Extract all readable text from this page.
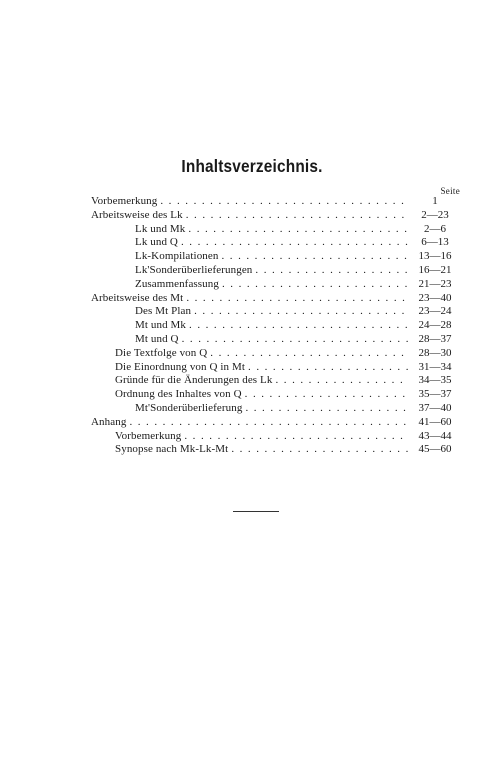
Inhaltsverzeichnis.
Seite
Vorbemerkung . . .	1
Arbeitsweise des Lk . . .	2—23
Lk und Mk . . .	2—6
Lk und Q . . .	6—13
Lk-Kompilationen . . .	13—16
Lk'Sonderüberlieferungen . . .	16—21
Zusammenfassung . . .	21—23
Arbeitsweise des Mt . . .	23—40
Des Mt Plan . . .	23—24
Mt und Mk . . .	24—28
Mt und Q . . .	28—37
Die Textfolge von Q . . .	28—30
Die Einordnung von Q in Mt . . .	31—34
Gründe für die Änderungen des Lk . . .	34—35
Ordnung des Inhaltes von Q . . .	35—37
Mt'Sonderüberlieferung . . .	37—40
Anhang . . .	41—60
Vorbemerkung . . .	43—44
Synopse nach Mk-Lk-Mt . . .	45—60
